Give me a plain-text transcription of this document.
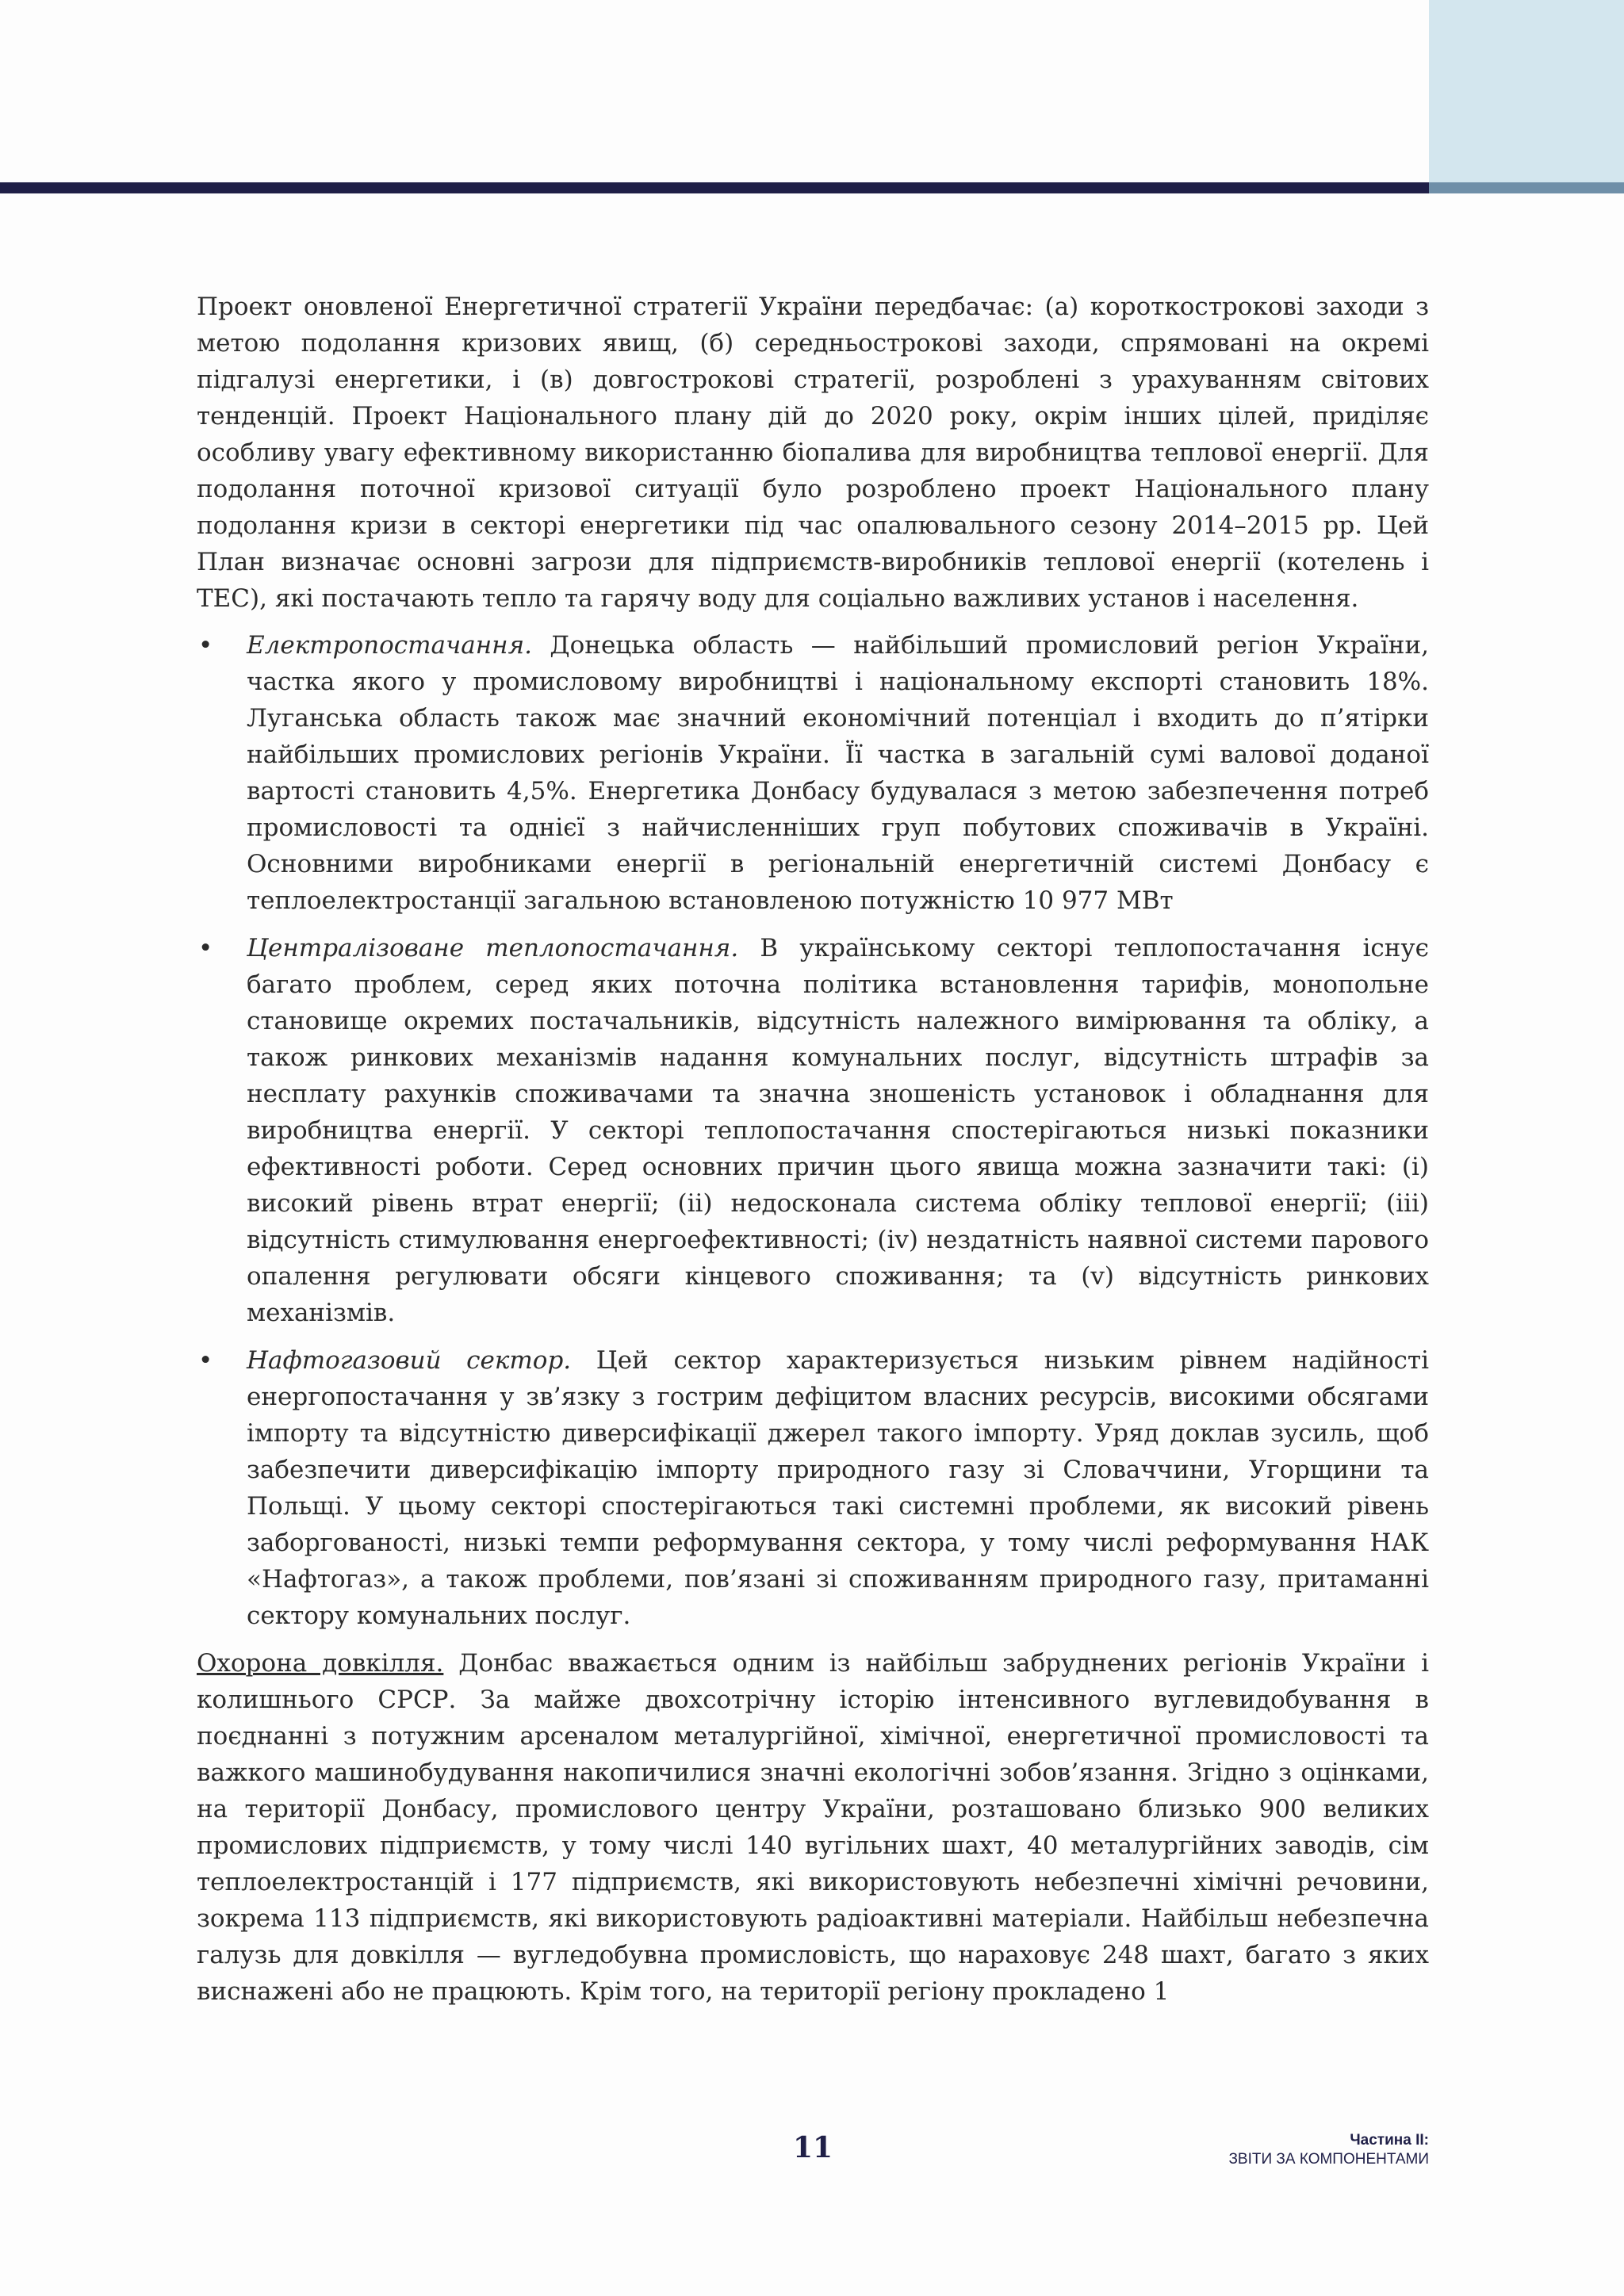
Проект оновленої Енергетичної стратегії України передбачає: (а) короткострокові заходи з метою подолання кризових явищ, (б) середньострокові заходи, спрямовані на окремі підгалузі енергетики, і (в) довгострокові стратегії, розроблені з урахуванням світових тенденцій. Проект Національного плану дій до 2020 року, окрім інших цілей, приділяє особливу увагу ефективному використанню біопалива для виробництва теплової енергії. Для подолання поточної кризової ситуації було розроблено проект Національного плану подолання кризи в секторі енергетики під час опалювального сезону 2014–2015 рр. Цей План визначає основні загрози для підприємств-виробників теплової енергії (котелень і ТЕС), які постачають тепло та гарячу воду для соціально важливих установ і населення.

• Електропостачання. Донецька область — найбільший промисловий регіон України, частка якого у промисловому виробництві і національному експорті становить 18%. Луганська область також має значний економічний потенціал і входить до п’ятірки найбільших промислових регіонів України. Її частка в загальній сумі валової доданої вартості становить 4,5%. Енергетика Донбасу будувалася з метою забезпечення потреб промисловості та однієї з найчисленніших груп побутових споживачів в Україні. Основними виробниками енергії в регіональній енергетичній системі Донбасу є теплоелектростанції загальною встановленою потужністю 10 977 МВт
• Централізоване теплопостачання. В українському секторі теплопостачання існує багато проблем, серед яких поточна політика встановлення тарифів, монопольне становище окремих постачальників, відсутність належного вимірювання та обліку, а також ринкових механізмів надання комунальних послуг, відсутність штрафів за несплату рахунків споживачами та значна зношеність установок і обладнання для виробництва енергії. У секторі теплопостачання спостерігаються низькі показники ефективності роботи. Серед основних причин цього явища можна зазначити такі: (i) високий рівень втрат енергії; (ii) недосконала система обліку теплової енергії; (iii) відсутність стимулювання енергоефективності; (iv) нездатність наявної системи парового опалення регулювати обсяги кінцевого споживання; та (v) відсутність ринкових механізмів.
• Нафтогазовий сектор. Цей сектор характеризується низьким рівнем надійності енергопостачання у зв’язку з гострим дефіцитом власних ресурсів, високими обсягами імпорту та відсутністю диверсифікації джерел такого імпорту. Уряд доклав зусиль, щоб забезпечити диверсифікацію імпорту природного газу зі Словаччини, Угорщини та Польщі. У цьому секторі спостерігаються такі системні проблеми, як високий рівень заборгованості, низькі темпи реформування сектора, у тому числі реформування НАК «Нафтогаз», а також проблеми, пов’язані зі споживанням природного газу, притаманні сектору комунальних послуг.

Охорона довкілля. Донбас вважається одним із найбільш забруднених регіонів України і колишнього СРСР. За майже двохсотрічну історію інтенсивного вуглевидобування в поєднанні з потужним арсеналом металургійної, хімічної, енергетичної промисловості та важкого машинобудування накопичилися значні екологічні зобов’язання. Згідно з оцінками, на території Донбасу, промислового центру України, розташовано близько 900 великих промислових підприємств, у тому числі 140 вугільних шахт, 40 металургійних заводів, сім теплоелектростанцій і 177 підприємств, які використовують небезпечні хімічні речовини, зокрема 113 підприємств, які використовують радіоактивні матеріали. Найбільш небезпечна галузь для довкілля — вугледобувна промисловість, що нараховує 248 шахт, багато з яких виснажені або не працюють. Крім того, на території регіону прокладено 1

11	Частина II:
ЗВІТИ ЗА КОМПОНЕНТАМИ
